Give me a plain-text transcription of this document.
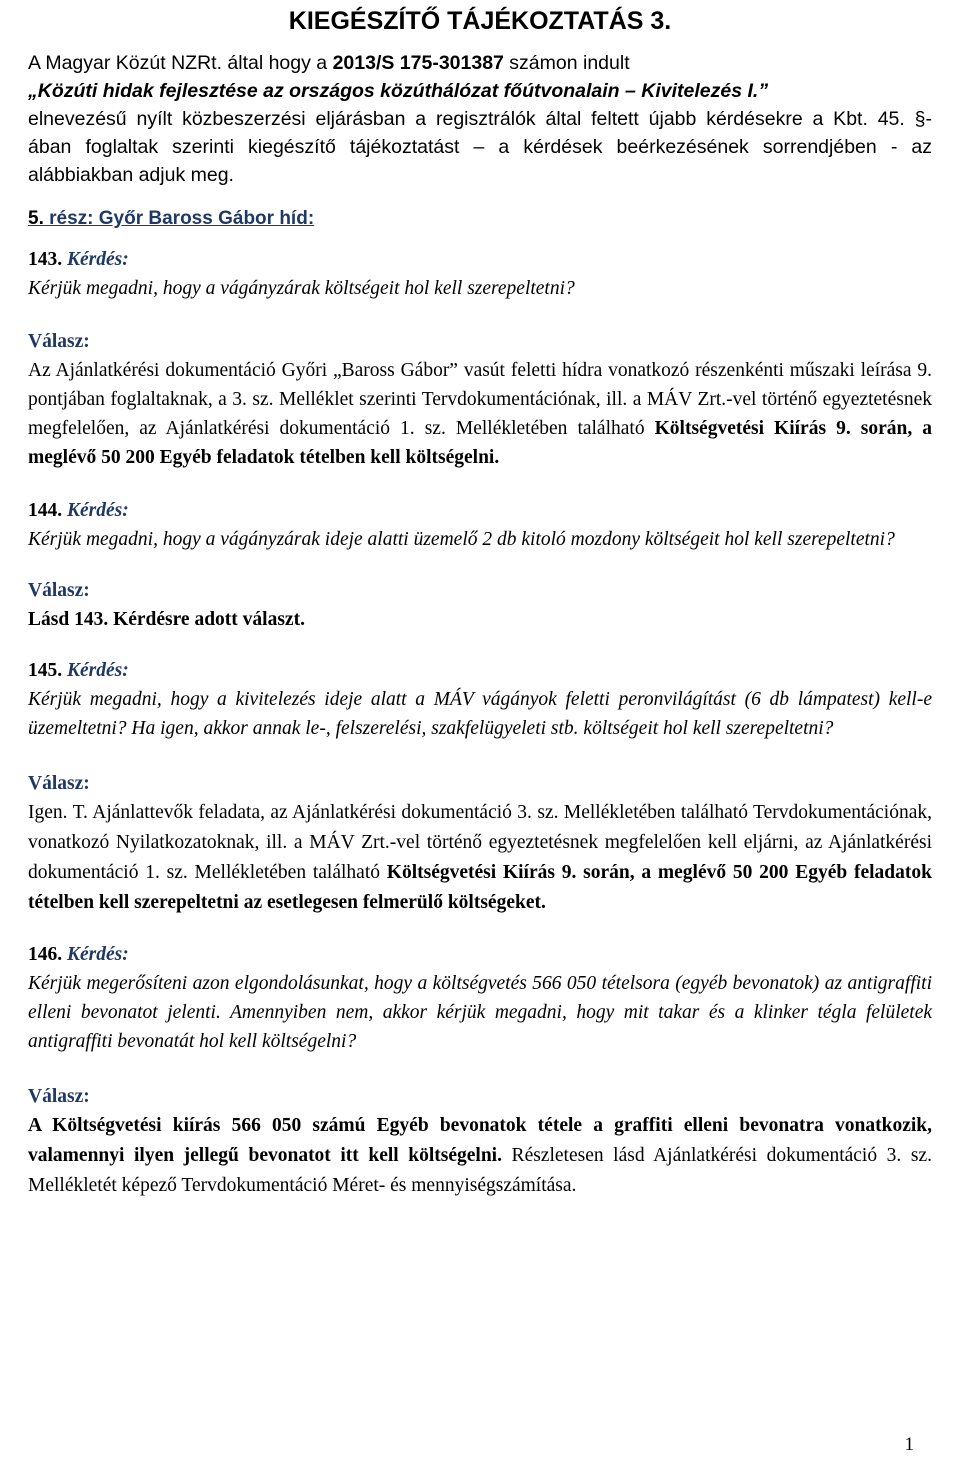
KIEGÉSZÍTŐ TÁJÉKOZTATÁS 3.
A Magyar Közút NZRt. által hogy a 2013/S 175-301387 számon indult
„Közúti hidak fejlesztése az országos közúthálózat főútvonalain – Kivitelezés I.”
elnevezésű nyílt közbeszerzési eljárásban a regisztrálók által feltett újabb kérdésekre a Kbt. 45. §-
ában foglaltak szerinti kiegészítő tájékoztatást – a kérdések beérkezésének sorrendjében - az
alábbiakban adjuk meg.
5. rész: Győr Baross Gábor híd:
143. Kérdés:
Kérjük megadni, hogy a vágányzárak költségeit hol kell szerepeltetni?
Válasz:
Az Ajánlatkérési dokumentáció Győri „Baross Gábor” vasút feletti hídra vonatkozó részenkénti műszaki leírása 9. pontjában foglaltaknak, a 3. sz. Melléklet szerinti Tervdokumentációnak, ill. a MÁV Zrt.-vel történő egyeztetésnek megfelelően, az Ajánlatkérési dokumentáció 1. sz. Mellékletében található Költségvetési Kiírás 9. során, a meglévő 50 200 Egyéb feladatok tételben kell költségelni.
144. Kérdés:
Kérjük megadni, hogy a vágányzárak ideje alatti üzemelő 2 db kitoló mozdony költségeit hol kell szerepeltetni?
Válasz:
Lásd 143. Kérdésre adott választ.
145. Kérdés:
Kérjük megadni, hogy a kivitelezés ideje alatt a MÁV vágányok feletti peronvilágítást (6 db lámpatest) kell-e üzemeltetni? Ha igen, akkor annak le-, felszerelési, szakfelügyeleti stb. költségeit hol kell szerepeltetni?
Válasz:
Igen. T. Ajánlattevők feladata, az Ajánlatkérési dokumentáció 3. sz. Mellékletében található Tervdokumentációnak, vonatkozó Nyilatkozatoknak, ill. a MÁV Zrt.-vel történő egyeztetésnek megfelelően kell eljárni, az Ajánlatkérési dokumentáció 1. sz. Mellékletében található Költségvetési Kiírás 9. során, a meglévő 50 200 Egyéb feladatok tételben kell szerepeltetni az esetlegesen felmerülő költségeket.
146. Kérdés:
Kérjük megerősíteni azon elgondolásunkat, hogy a költségvetés 566 050 tételsora (egyéb bevonatok) az antigraffiti elleni bevonatot jelenti. Amennyiben nem, akkor kérjük megadni, hogy mit takar és a klinker tégla felületek antigraffiti bevonatát hol kell költségelni?
Válasz:
A Költségvetési kiírás 566 050 számú Egyéb bevonatok tétele a graffiti elleni bevonatra vonatkozik, valamennyi ilyen jellegű bevonatot itt kell költségelni. Részletesen lásd Ajánlatkérési dokumentáció 3. sz. Mellékletét képező Tervdokumentáció Méret- és mennyiségszámítása.
1
